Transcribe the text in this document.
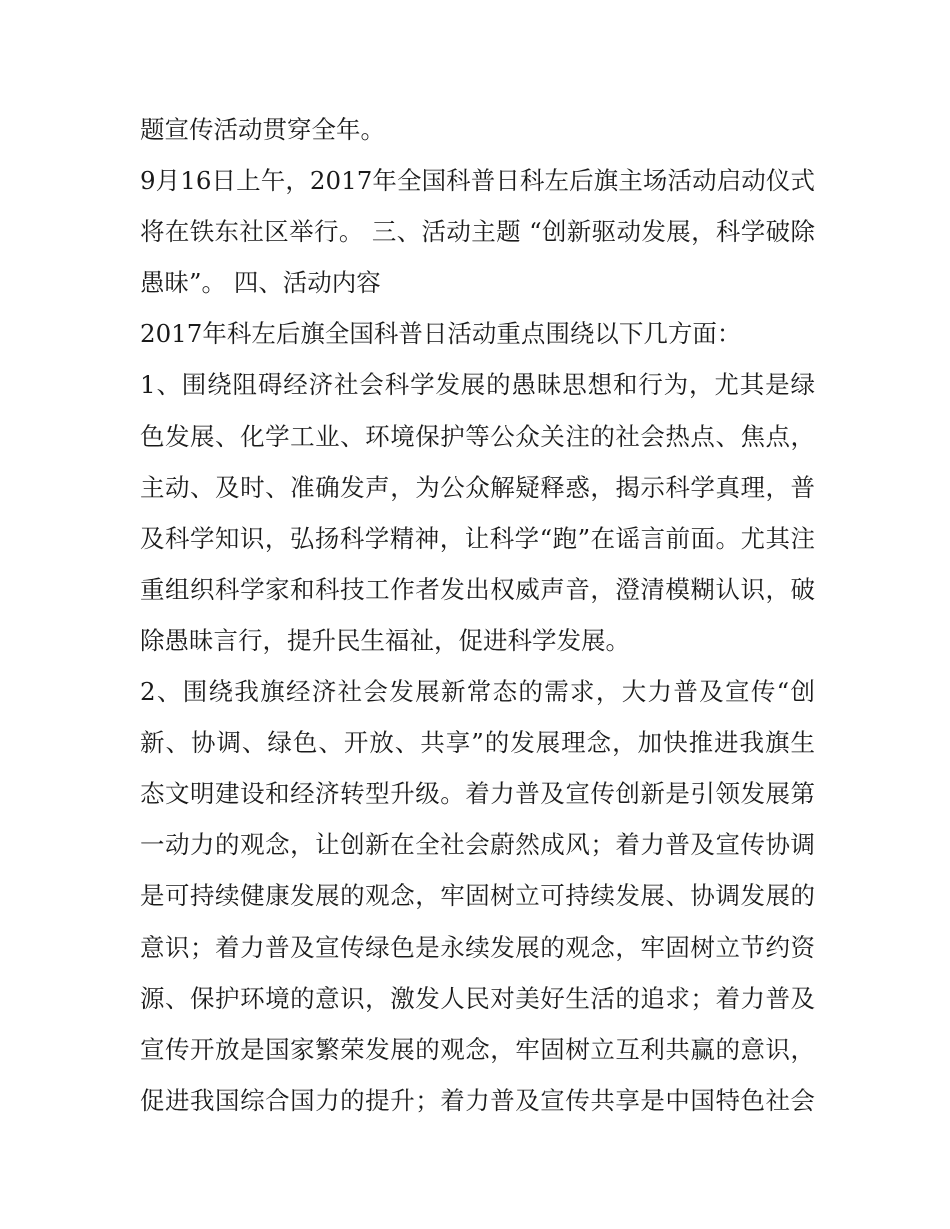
题宣传活动贯穿全年。
9月16日上午，2017年全国科普日科左后旗主场活动启动仪式
将在铁东社区举行。 三、活动主题 “创新驱动发展，科学破除
愚昧”。 四、活动内容
2017年科左后旗全国科普日活动重点围绕以下几方面：
1、围绕阻碍经济社会科学发展的愚昧思想和行为，尤其是绿
色发展、化学工业、环境保护等公众关注的社会热点、焦点，
主动、及时、准确发声，为公众解疑释惑，揭示科学真理，普
及科学知识，弘扬科学精神，让科学“跑”在谣言前面。尤其注
重组织科学家和科技工作者发出权威声音，澄清模糊认识，破
除愚昧言行，提升民生福祉，促进科学发展。
2、围绕我旗经济社会发展新常态的需求，大力普及宣传“创
新、协调、绿色、开放、共享”的发展理念，加快推进我旗生
态文明建设和经济转型升级。着力普及宣传创新是引领发展第
一动力的观念，让创新在全社会蔚然成风；着力普及宣传协调
是可持续健康发展的观念，牢固树立可持续发展、协调发展的
意识；着力普及宣传绿色是永续发展的观念，牢固树立节约资
源、保护环境的意识，激发人民对美好生活的追求；着力普及
宣传开放是国家繁荣发展的观念，牢固树立互利共赢的意识，
促进我国综合国力的提升；着力普及宣传共享是中国特色社会
